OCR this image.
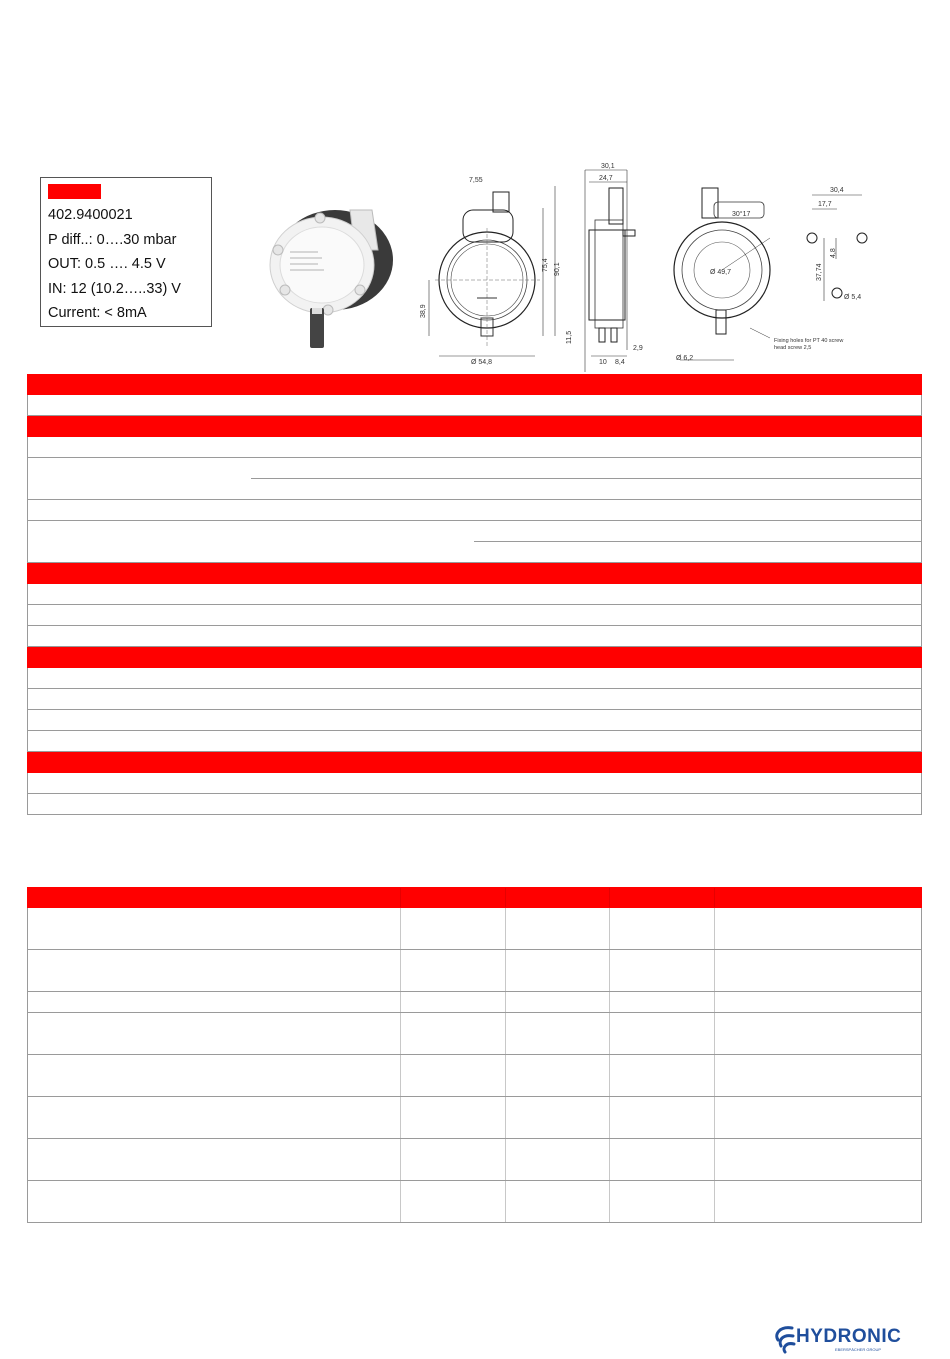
402.9400021
P diff..: 0….30 mbar
OUT: 0.5 …. 4.5 V
IN: 12 (10.2…..33) V
Current: < 8mA
7,55
Ø 54,8
75,4 90,1
38,9
30,1
24,7
11,5
10 8,4
2,9
30°17
Ø 49,7
Ø 6,2
Fixing holes for PT 40 screw
head screw 2,5
30,4
17,7
37,74
4,8
Ø 5,4
HYDRONIC
EBERSPÄCHER GROUP
